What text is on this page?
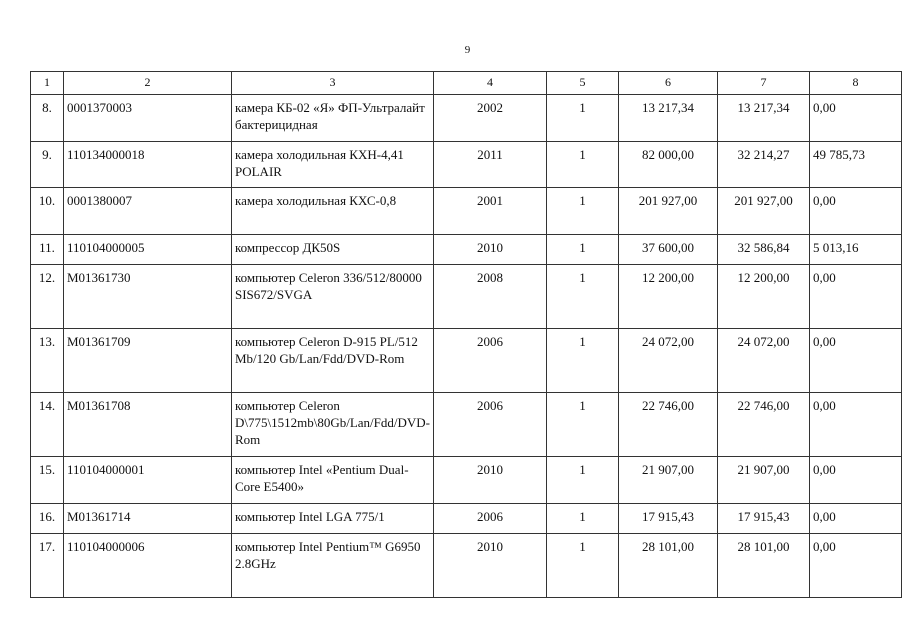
9
1	2	3	4	5	6	7	8
8.	0001370003	камера КБ-02 «Я» ФП-Ультралайт бактерицидная	2002	1	13 217,34	13 217,34	0,00
9.	110134000018	камера холодильная КХН-4,41 POLAIR	2011	1	82 000,00	32 214,27	49 785,73
10.	0001380007	камера холодильная КХС-0,8	2001	1	201 927,00	201 927,00	0,00
11.	110104000005	компрессор ДК50S	2010	1	37 600,00	32 586,84	5 013,16
12.	M01361730	компьютер Celeron 336/512/80000 SIS672/SVGA	2008	1	12 200,00	12 200,00	0,00
13.	M01361709	компьютер Celeron D-915 PL/512 Mb/120 Gb/Lan/Fdd/DVD-Rom	2006	1	24 072,00	24 072,00	0,00
14.	M01361708	компьютер Celeron D\775\1512mb\80Gb/Lan/Fdd/DVD-Rom	2006	1	22 746,00	22 746,00	0,00
15.	110104000001	компьютер Intel «Pentium Dual-Core E5400»	2010	1	21 907,00	21 907,00	0,00
16.	M01361714	компьютер Intel LGA 775/1	2006	1	17 915,43	17 915,43	0,00
17.	110104000006	компьютер Intel Pentium™ G6950 2.8GHz	2010	1	28 101,00	28 101,00	0,00
